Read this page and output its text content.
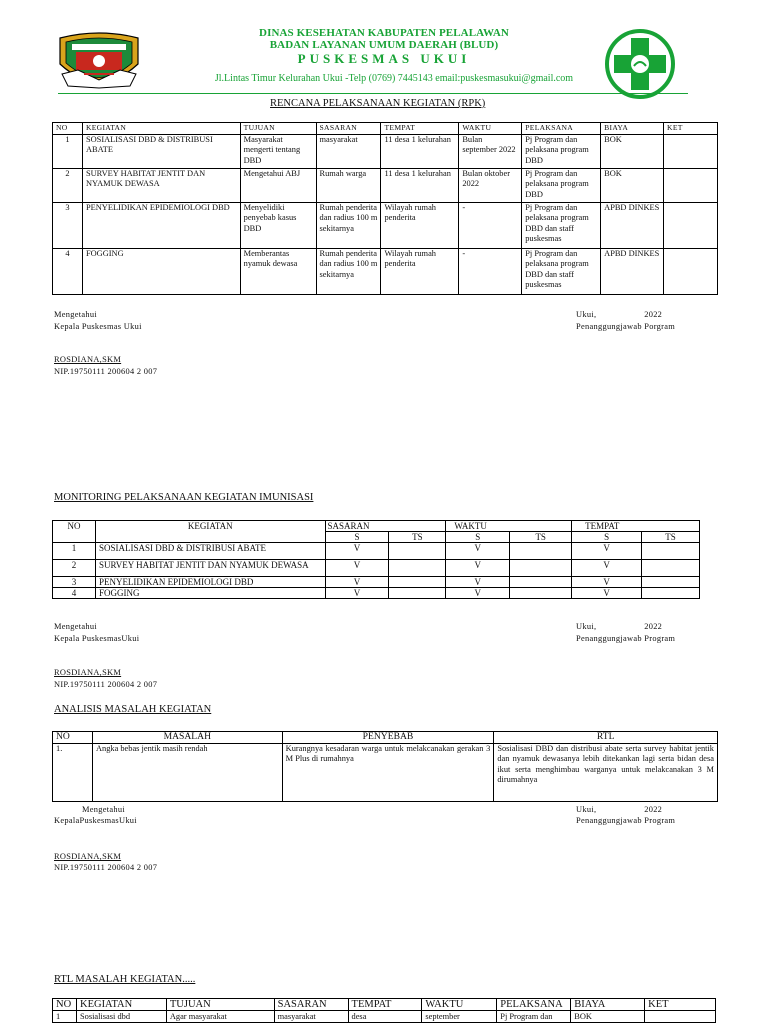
DINAS KESEHATAN KABUPATEN PELALAWAN
BADAN LAYANAN UMUM DAERAH (BLUD)
PUSKESMAS UKUI
Jl.Lintas Timur Kelurahan Ukui -Telp (0769) 7445143 email:puskesmasukui@gmail.com
RENCANA PELAKSANAAN KEGIATAN (RPK)
NO	KEGIATAN	TUJUAN	SASARAN	TEMPAT	WAKTU	PELAKSANA	BIAYA	KET
1	SOSIALISASI DBD & DISTRIBUSI ABATE	Masyarakat mengerti tentang DBD	masyarakat	11 desa 1 kelurahan	Bulan september 2022	Pj Program dan pelaksana program DBD	BOK	
2	SURVEY HABITAT JENTIT DAN NYAMUK DEWASA	Mengetahui ABJ	Rumah warga	11 desa 1 kelurahan	Bulan oktober 2022	Pj Program dan pelaksana program DBD	BOK	
3	PENYELIDIKAN EPIDEMIOLOGI DBD	Menyelidiki penyebab kasus DBD	Rumah penderita dan radius 100 m sekitarnya	Wilayah rumah penderita	-	Pj Program dan pelaksana program DBD dan staff puskesmas	APBD DINKES	
4	FOGGING	Memberantas nyamuk dewasa	Rumah penderita dan radius 100 m sekitarnya	Wilayah rumah penderita	-	Pj Program dan pelaksana program DBD dan staff puskesmas	APBD DINKES	
Mengetahui
Kepala Puskesmas Ukui
Ukui,                    2022
Penanggungjawab Porgram
ROSDIANA,SKM
NIP.19750111 200604 2 007
MONITORING PELAKSANAAN KEGIATAN IMUNISASI
NO	KEGIATAN	SASARAN		WAKTU		TEMPAT	
		S	TS	S	TS	S	TS
1	SOSIALISASI DBD & DISTRIBUSI ABATE	V		V		V	
2	SURVEY HABITAT JENTIT DAN NYAMUK DEWASA	V		V		V	
3	PENYELIDIKAN EPIDEMIOLOGI DBD	V		V		V	
4	FOGGING	V		V		V	
Mengetahui
Kepala PuskesmasUkui
Ukui,                    2022
Penanggungjawab Program
ROSDIANA,SKM
NIP.19750111 200604 2 007
ANALISIS MASALAH KEGIATAN
NO	MASALAH	PENYEBAB	RTL
1.	Angka bebas jentik masih rendah	Kurangnya kesadaran warga untuk melakcanakan gerakan 3 M Plus di rumahnya	Sosialisasi DBD dan distribusi abate serta survey habitat jentik dan nyamuk dewasanya lebih ditekankan lagi serta bidan desa ikut serta menghimbau warganya untuk melakcanakan 3 M dirumahnya
Mengetahui
KepalaPuskesmasUkui
Ukui,                    2022
Penanggungjawab Program
ROSDIANA,SKM
NIP.19750111 200604 2 007
RTL MASALAH KEGIATAN.....
NO	KEGIATAN	TUJUAN	SASARAN	TEMPAT	WAKTU	PELAKSANA	BIAYA	KET
1	Sosialisasi dbd	Agar masyarakat	masyarakat	desa	september	Pj Program dan	BOK	
